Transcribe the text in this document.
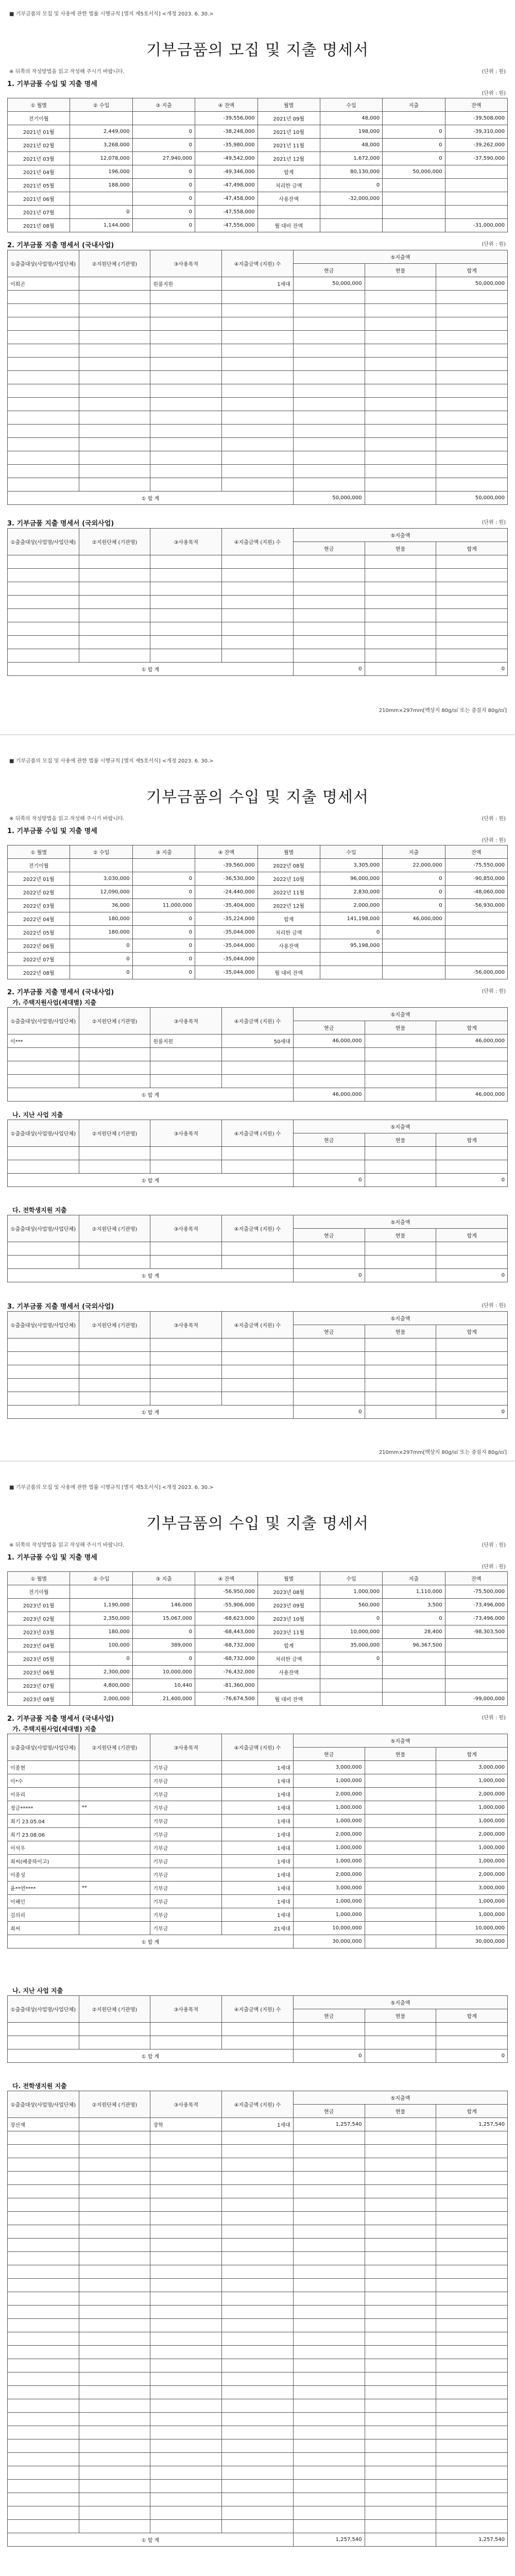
■ 기부금품의 모집 및 사용에 관한 법률 시행규칙 [별지 제5호서식] <개정 2023. 6. 30.>
기부금품의 모집 및 지출 명세서
※ 뒤쪽의 작성방법을 읽고 작성해 주시기 바랍니다.	(단위 : 원)
1. 기부금품 수입 및 지출 명세
(단위 : 원)
① 월별	② 수입	③ 지출	④ 잔액	월별	수입	지출	잔액
전기이월			-39,556,000	2021년 09월	48,000		-39,508,000
2021년 01월	2,449,000	0	-38,248,000	2021년 10월	198,000	0	-39,310,000
2021년 02월	3,268,000	0	-35,980,000	2021년 11월	48,000	0	-39,262,000
2021년 03월	12,078,000	27,940,000	-49,542,000	2021년 12월	1,672,000	0	-37,590,000
2021년 04월	196,000	0	-49,346,000	합계	80,130,000	50,000,000	
2021년 05월	188,000	0	-47,498,000	처리한 금액	0		
2021년 06월		0	-47,458,000	사용잔액	-32,000,000		
2021년 07월	0	0	-47,558,000				
2021년 08월	1,144,000	0	-47,556,000	월 대비 잔액			-31,000,000
2. 기부금품 지출 명세서 (국내사업)	(단위 : 원)
①출출대상(사업명/사업단체)	②지원단체 (기관명)	③사용목적	④지출금액 (지원) 수	⑤지출액		
				현금	현물	합계
이희곤		원룸지원	1세대	50,000,000		50,000,000

① 합 계				50,000,000		50,000,000
3. 기부금품 지출 명세서 (국외사업)	(단위 : 원)
①출출대상(사업명/사업단체)	②지원단체 (기관명)	③사용목적	④지출금액 (지원) 수	⑤지출액		
				현금	현물	합계

① 합 계				0		0
210mm×297mm[백상지 80g/㎡ 또는 중질지 80g/㎡]
■ 기부금품의 모집 및 사용에 관한 법률 시행규칙 [별지 제5호서식] <개정 2023. 6. 30.>
기부금품의 수입 및 지출 명세서
※ 뒤쪽의 작성방법을 읽고 작성해 주시기 바랍니다.	(단위 : 원)
1. 기부금품 수입 및 지출 명세
(단위 : 원)
① 월별	② 수입	③ 지출	④ 잔액	월별	수입	지출	잔액
전기이월			-39,560,000	2022년 08월	3,305,000	22,000,000	-75,550,000
2022년 01월	3,030,000	0	-36,530,000	2022년 10월	96,000,000	0	-90,850,000
2022년 02월	12,090,000	0	-24,440,000	2022년 11월	2,830,000	0	-48,060,000
2022년 03월	36,000	11,000,000	-35,404,000	2022년 12월	2,000,000	0	-56,930,000
2022년 04월	180,000	0	-35,224,000	합계	141,198,000	46,000,000	
2022년 05월	180,000	0	-35,044,000	처리한 금액	0		
2022년 06월	0	0	-35,044,000	사용잔액	95,198,000		
2022년 07월	0	0	-35,044,000				
2022년 08월	0	0	-35,044,000	월 대비 잔액			-56,000,000
2. 기부금품 지출 명세서 (국내사업)	(단위 : 원)
가. 주택지원사업(세대별) 지출
①출출대상(사업명/사업단체)	②지원단체 (기관명)	③사용목적	④지출금액 (지원) 수	⑤지출액		
				현금	현물	합계
이***		원룸지원	50세대	46,000,000		46,000,000

① 합 계				46,000,000		46,000,000
나. 지난 사업 지출
①출출대상(사업명/사업단체)	②지원단체 (기관명)	③사용목적	④지출금액 (지원) 수	⑤지출액		
				현금	현물	합계

① 합 계				0		0
다. 전학생지원 지출
①출출대상(사업명/사업단체)	②지원단체 (기관명)	③사용목적	④지출금액 (지원) 수	⑤지출액		
				현금	현물	합계

① 합 계				0		0
3. 기부금품 지출 명세서 (국외사업)	(단위 : 원)
①출출대상(사업명/사업단체)	②지원단체 (기관명)	③사용목적	④지출금액 (지원) 수	⑤지출액		
				현금	현물	합계

① 합 계				0		0
210mm×297mm[백상지 80g/㎡ 또는 중질지 80g/㎡]
■ 기부금품의 모집 및 사용에 관한 법률 시행규칙 [별지 제5호서식] <개정 2023. 6. 30.>
기부금품의 수입 및 지출 명세서
※ 뒤쪽의 작성방법을 읽고 작성해 주시기 바랍니다.	(단위 : 원)
1. 기부금품 수입 및 지출 명세
(단위 : 원)
① 월별	② 수입	③ 지출	④ 잔액	월별	수입	지출	잔액
전기이월			-56,950,000	2023년 08월	1,000,000	1,110,000	-75,500,000
2023년 01월	1,190,000	146,000	-55,906,000	2023년 09월	560,000	3,500	-73,496,000
2023년 02월	2,350,000	15,067,000	-68,623,000	2023년 10월	0	0	-73,496,000
2023년 03월	180,000	0	-68,443,000	2023년 11월	10,000,000	28,400	-98,303,500
2023년 04월	100,000	389,000	-68,732,000	합계	35,000,000	96,367,500	
2023년 05월	0	0	-68,732,000	처리한 금액	0		
2023년 06월	2,300,000	10,000,000	-76,432,000	사용잔액			
2023년 07월	4,800,000	10,440	-81,360,000				
2023년 08월	2,000,000	21,400,000	-76,674,500	월 대비 잔액			-99,000,000
2. 기부금품 지출 명세서 (국내사업)	(단위 : 원)
가. 주택지원사업(세대별) 지출
①출출대상(사업명/사업단체)	②지원단체 (기관명)	③사용목적	④지출금액 (지원) 수	⑤지출액		
				현금	현물	합계
이종현		기부금	1세대	3,000,000		3,000,000
이*수		기부금	1세대	1,000,000		1,000,000
이유리		기부금	1세대	2,000,000		2,000,000
정금*****	**	기부금	1세대	1,000,000		1,000,000
최기 23.05.04		기부금	1세대	1,000,000		1,000,000
최기 23.08.06		기부금	1세대	2,000,000		2,000,000
이석우		기부금	1세대	1,000,000		1,000,000
최씨(배중하이고)		기부금	1세대	1,000,000		1,000,000
이종성		기부금	1세대	2,000,000		2,000,000
윤**연****	**	기부금	1세대	3,000,000		3,000,000
이혜인		기부금	1세대	1,000,000		1,000,000
김의리		기부금	1세대	1,000,000		1,000,000
최씨		기부금	21세대	10,000,000		10,000,000
① 합 계				30,000,000		30,000,000
나. 지난 사업 지출
①출출대상(사업명/사업단체)	②지원단체 (기관명)	③사용목적	④지출금액 (지원) 수	⑤지출액		
				현금	현물	합계

① 합 계				0		0
다. 전학생지원 지출
①출출대상(사업명/사업단체)	②지원단체 (기관명)	③사용목적	④지출금액 (지원) 수	⑤지출액		
				현금	현물	합계
장산재		장학	1세대	1,257,540		1,257,540

① 합 계				1,257,540		1,257,540
